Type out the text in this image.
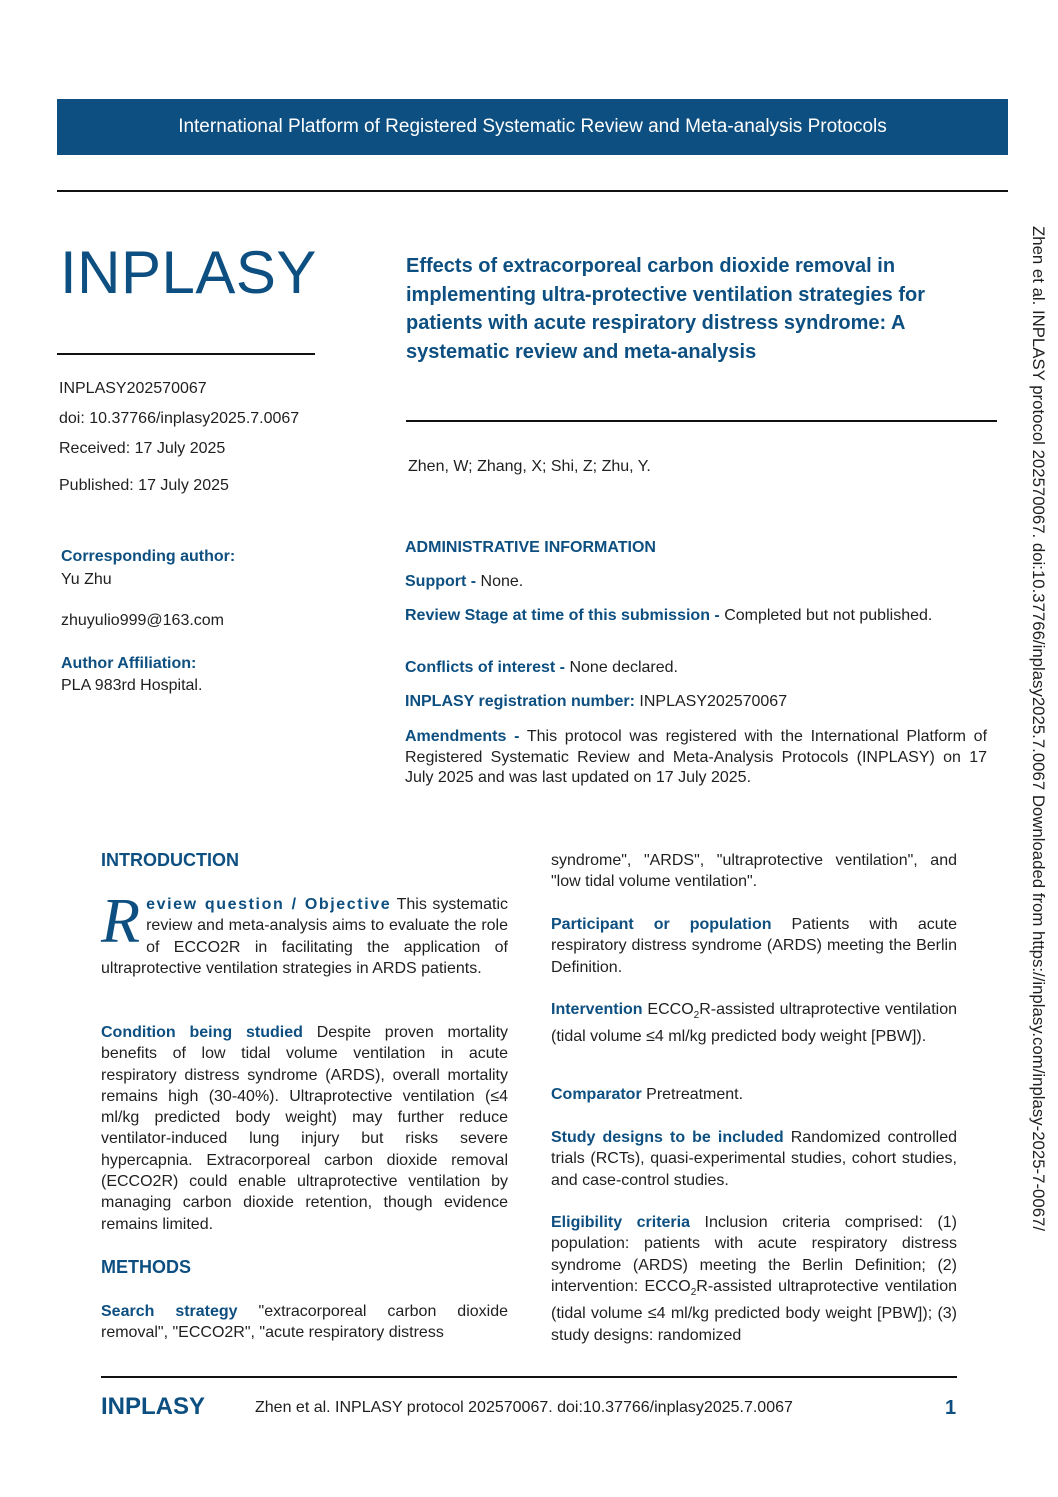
International Platform of Registered Systematic Review and Meta-analysis Protocols
INPLASY	Effects of extracorporeal carbon dioxide removal in implementing ultra-protective ventilation strategies for patients with acute respiratory distress syndrome: A systematic review and meta-analysis
INPLASY202570067
doi: 10.37766/inplasy2025.7.0067
Received: 17 July 2025
Published: 17 July 2025
Zhen, W; Zhang, X; Shi, Z; Zhu, Y.
Corresponding author:
Yu Zhu
zhuyulio999@163.com
Author Affiliation:
PLA 983rd Hospital.
ADMINISTRATIVE INFORMATION
Support - None.
Review Stage at time of this submission - Completed but not published.
Conflicts of interest - None declared.
INPLASY registration number: INPLASY202570067
Amendments - This protocol was registered with the International Platform of Registered Systematic Review and Meta-Analysis Protocols (INPLASY) on 17 July 2025 and was last updated on 17 July 2025.
INTRODUCTION
Review question / Objective This systematic review and meta-analysis aims to evaluate the role of ECCO2R in facilitating the application of ultraprotective ventilation strategies in ARDS patients.
Condition being studied Despite proven mortality benefits of low tidal volume ventilation in acute respiratory distress syndrome (ARDS), overall mortality remains high (30-40%). Ultraprotective ventilation (≤4 ml/kg predicted body weight) may further reduce ventilator-induced lung injury but risks severe hypercapnia. Extracorporeal carbon dioxide removal (ECCO2R) could enable ultraprotective ventilation by managing carbon dioxide retention, though evidence remains limited.
METHODS
Search strategy "extracorporeal carbon dioxide removal", "ECCO2R", "acute respiratory distress
syndrome", "ARDS", "ultraprotective ventilation", and "low tidal volume ventilation".
Participant or population Patients with acute respiratory distress syndrome (ARDS) meeting the Berlin Definition.
Intervention $ECCO_2R$-assisted ultraprotective ventilation (tidal volume ≤4 ml/kg predicted body weight [PBW]).
Comparator Pretreatment.
Study designs to be included Randomized controlled trials (RCTs), quasi-experimental studies, cohort studies, and case-control studies.
Eligibility criteria Inclusion criteria comprised: (1) population: patients with acute respiratory distress syndrome (ARDS) meeting the Berlin Definition; (2) intervention: $ECCO_2R$-assisted ultraprotective ventilation (tidal volume ≤4 ml/kg predicted body weight [PBW]); (3) study designs: randomized
Zhen et al. INPLASY protocol 202570067. doi:10.37766/inplasy2025.7.0067 Downloaded from https://inplasy.com/inplasy-2025-7-0067/
INPLASY	Zhen et al. INPLASY protocol 202570067. doi:10.37766/inplasy2025.7.0067	1
